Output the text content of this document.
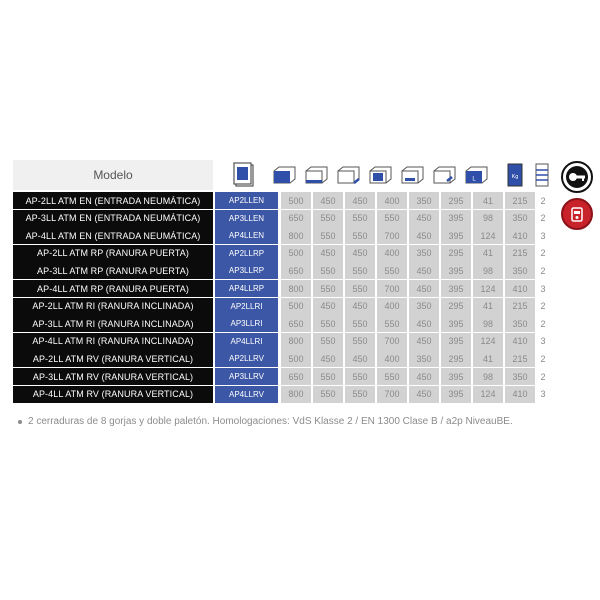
Modelo	L	Kg
AP-2LL ATM EN (ENTRADA NEUMÁTICA)	AP2LLEN	500	450	450	400	350	295	41	215	2
AP-3LL ATM EN (ENTRADA NEUMÁTICA)	AP3LLEN	650	550	550	550	450	395	98	350	2
AP-4LL ATM EN (ENTRADA NEUMÁTICA)	AP4LLEN	800	550	550	700	450	395	124	410	3
AP-2LL ATM RP (RANURA PUERTA)	AP2LLRP	500	450	450	400	350	295	41	215	2
AP-3LL ATM RP (RANURA PUERTA)	AP3LLRP	650	550	550	550	450	395	98	350	2
AP-4LL ATM RP (RANURA PUERTA)	AP4LLRP	800	550	550	700	450	395	124	410	3
AP-2LL ATM RI (RANURA INCLINADA)	AP2LLRI	500	450	450	400	350	295	41	215	2
AP-3LL ATM RI (RANURA INCLINADA)	AP3LLRI	650	550	550	550	450	395	98	350	2
AP-4LL ATM RI (RANURA INCLINADA)	AP4LLRI	800	550	550	700	450	395	124	410	3
AP-2LL ATM RV (RANURA VERTICAL)	AP2LLRV	500	450	450	400	350	295	41	215	2
AP-3LL ATM RV (RANURA VERTICAL)	AP3LLRV	650	550	550	550	450	395	98	350	2
AP-4LL ATM RV (RANURA VERTICAL)	AP4LLRV	800	550	550	700	450	395	124	410	3
2 cerraduras de 8 gorjas y doble paletón. Homologaciones: VdS Klasse 2 / EN 1300 Clase B / a2p NiveauBE.
